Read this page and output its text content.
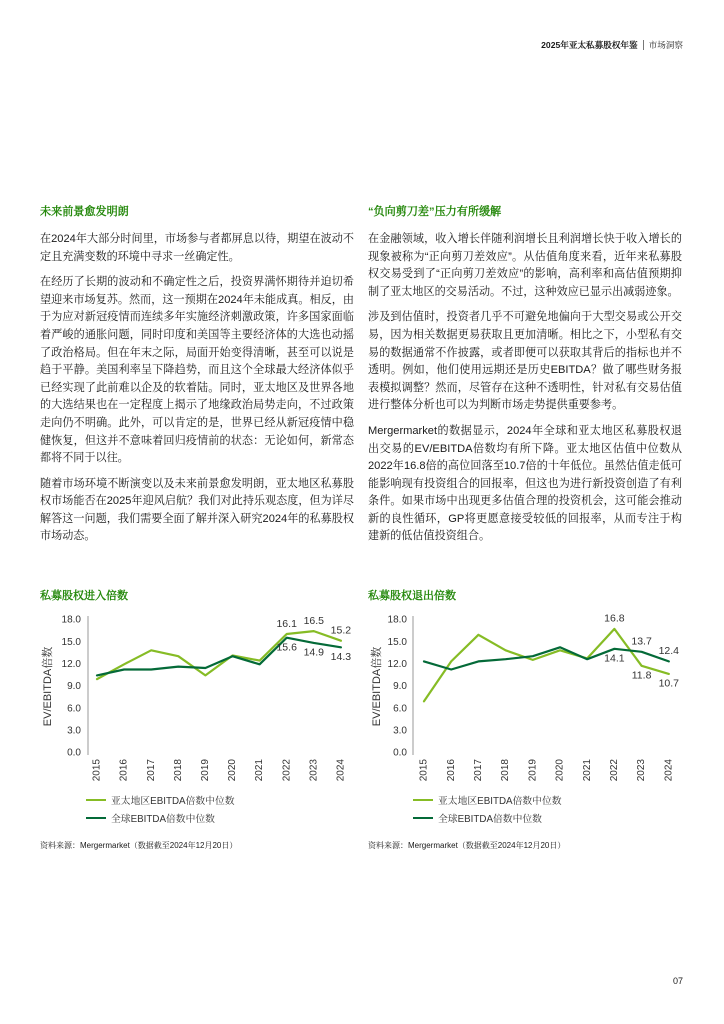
2025年亚太私募股权年鉴	市场洞察
未来前景愈发明朗

在2024年大部分时间里，市场参与者都屏息以待，期望在波动不定且充满变数的环境中寻求一丝确定性。

在经历了长期的波动和不确定性之后，投资界满怀期待并迫切希望迎来市场复苏。然而，这一预期在2024年未能成真。相反，由于为应对新冠疫情而连续多年实施经济刺激政策，许多国家面临着严峻的通胀问题，同时印度和美国等主要经济体的大选也动摇了政治格局。但在年末之际，局面开始变得清晰，甚至可以说是趋于平静。美国利率呈下降趋势，而且这个全球最大经济体似乎已经实现了此前难以企及的软着陆。同时，亚太地区及世界各地的大选结果也在一定程度上揭示了地缘政治局势走向，不过政策走向仍不明确。此外，可以肯定的是，世界已经从新冠疫情中稳健恢复，但这并不意味着回归疫情前的状态：无论如何，新常态都将不同于以往。

随着市场环境不断演变以及未来前景愈发明朗，亚太地区私募股权市场能否在2025年迎风启航？我们对此持乐观态度，但为详尽解答这一问题，我们需要全面了解并深入研究2024年的私募股权市场动态。

“负向剪刀差”压力有所缓解

在金融领域，收入增长伴随利润增长且利润增长快于收入增长的现象被称为“正向剪刀差效应”。从估值角度来看，近年来私募股权交易受到了“正向剪刀差效应”的影响，高利率和高估值预期抑制了亚太地区的交易活动。不过，这种效应已显示出减弱迹象。

涉及到估值时，投资者几乎不可避免地偏向于大型交易或公开交易，因为相关数据更易获取且更加清晰。相比之下，小型私有交易的数据通常不作披露，或者即便可以获取其背后的指标也并不透明。例如，他们使用远期还是历史EBITDA？做了哪些财务报表模拟调整？然而，尽管存在这种不透明性，针对私有交易估值进行整体分析也可以为判断市场走势提供重要参考。

Mergermarket的数据显示，2024年全球和亚太地区私募股权退出交易的EV/EBITDA倍数均有所下降。亚太地区估值中位数从2022年16.8倍的高位回落至10.7倍的十年低位。虽然估值走低可能影响现有投资组合的回报率，但这也为进行新投资创造了有利条件。如果市场中出现更多估值合理的投资机会，这可能会推动新的良性循环，GP将更愿意接受较低的回报率，从而专注于构建新的低估值投资组合。

私募股权进入倍数	私募股权退出倍数
0.0
3.0
6.0
9.0
12.0
15.0
18.0
2015 2016 2017 2018 2019 2020 2021 2022 2023 2024
EV/EBITDA倍数
16.1
15.6
16.5
14.9
15.2
14.3
0.0
3.0
6.0
9.0
12.0
15.0
18.0
2015 2016 2017 2018 2019 2020 2021 2022 2023 2024
EV/EBITDA倍数
16.8
14.1
11.8
13.7
10.7
12.4
亚太地区EBITDA倍数中位数
全球EBITDA倍数中位数
亚太地区EBITDA倍数中位数
全球EBITDA倍数中位数
资料来源：Mergermarket（数据截至2024年12月20日）	资料来源：Mergermarket（数据截至2024年12月20日）
07
